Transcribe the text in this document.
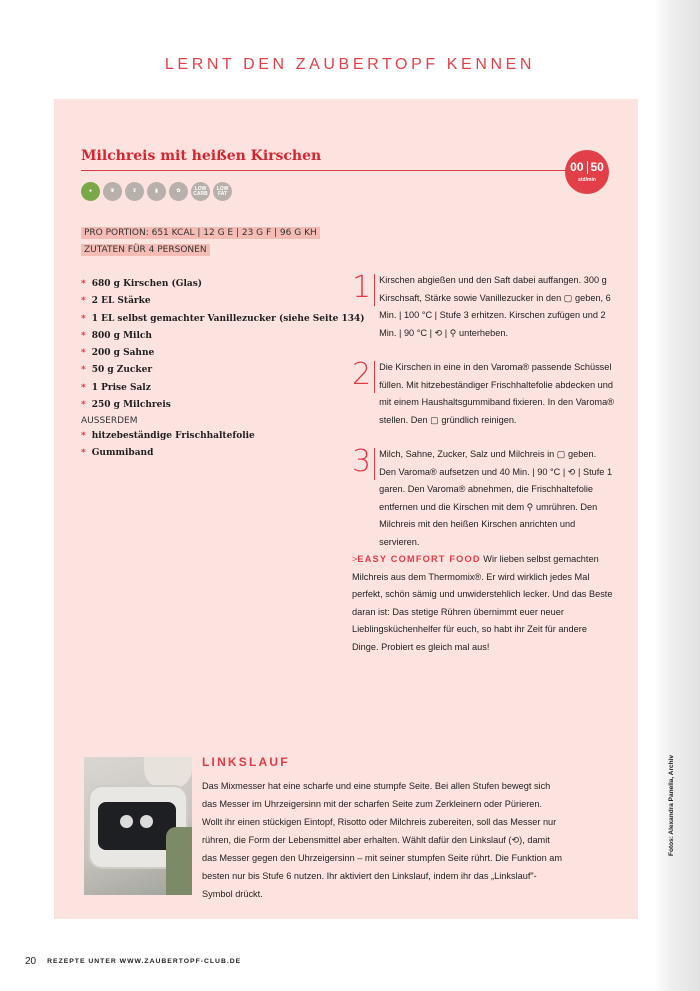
LERNT DEN ZAUBERTOPF KENNEN
Milchreis mit heißen Kirschen
00 50
std/min
●	❦	¥	▮	✿	LOW CARB
LOW FAT
PRO PORTION: 651 KCAL | 12 G E | 23 G F | 96 G KH
ZUTATEN FÜR 4 PERSONEN
* 680 g Kirschen (Glas)
* 2 EL Stärke
* 1 EL selbst gemachter Vanillezucker (siehe Seite 134)
* 800 g Milch
* 200 g Sahne
* 50 g Zucker
* 1 Prise Salz
* 250 g Milchreis
AUSSERDEM
* hitzebeständige Frischhaltefolie
* Gummiband
1 Kirschen abgießen und den Saft dabei auffangen. 300 g Kirschsaft, Stärke sowie Vanillezucker in den ▢ geben, 6 Min. | 100 °C | Stufe 3 erhitzen. Kirschen zufügen und 2 Min. | 90 °C | ⟲ | ⚲ unterheben.
2 Die Kirschen in eine in den Varoma® passende Schüssel füllen. Mit hitzebeständiger Frischhaltefolie abdecken und mit einem Haushaltsgummiband fixieren. In den Varoma® stellen. Den ▢ gründlich reinigen.
3 Milch, Sahne, Zucker, Salz und Milchreis in ▢ geben. Den Varoma® aufsetzen und 40 Min. | 90 °C | ⟲ | Stufe 1 garen. Den Varoma® abnehmen, die Frischhaltefolie entfernen und die Kirschen mit dem ⚲ umrühren. Den Milchreis mit den heißen Kirschen anrichten und servieren.
>EASY COMFORT FOOD Wir lieben selbst gemachten Milchreis aus dem Thermomix®. Er wird wirklich jedes Mal perfekt, schön sämig und unwiderstehlich lecker. Und das Beste daran ist: Das stetige Rühren übernimmt euer neuer Lieblingsküchenhelfer für euch, so habt ihr Zeit für andere Dinge. Probiert es gleich mal aus!
LINKSLAUF
Das Mixmesser hat eine scharfe und eine stumpfe Seite. Bei allen Stufen bewegt sich das Messer im Uhrzeigersinn mit der scharfen Seite zum Zerkleinern oder Pürieren. Wollt ihr einen stückigen Eintopf, Risotto oder Milchreis zubereiten, soll das Messer nur rühren, die Form der Lebensmittel aber erhalten. Wählt dafür den Linkslauf (⟲), damit das Messer gegen den Uhrzeigersinn – mit seiner stumpfen Seite rührt. Die Funktion am besten nur bis Stufe 6 nutzen. Ihr aktiviert den Linkslauf, indem ihr das „Linkslauf"-Symbol drückt.
20 REZEPTE UNTER WWW.ZAUBERTOPF-CLUB.DE
Fotos: Alexandra Panella, Archiv
